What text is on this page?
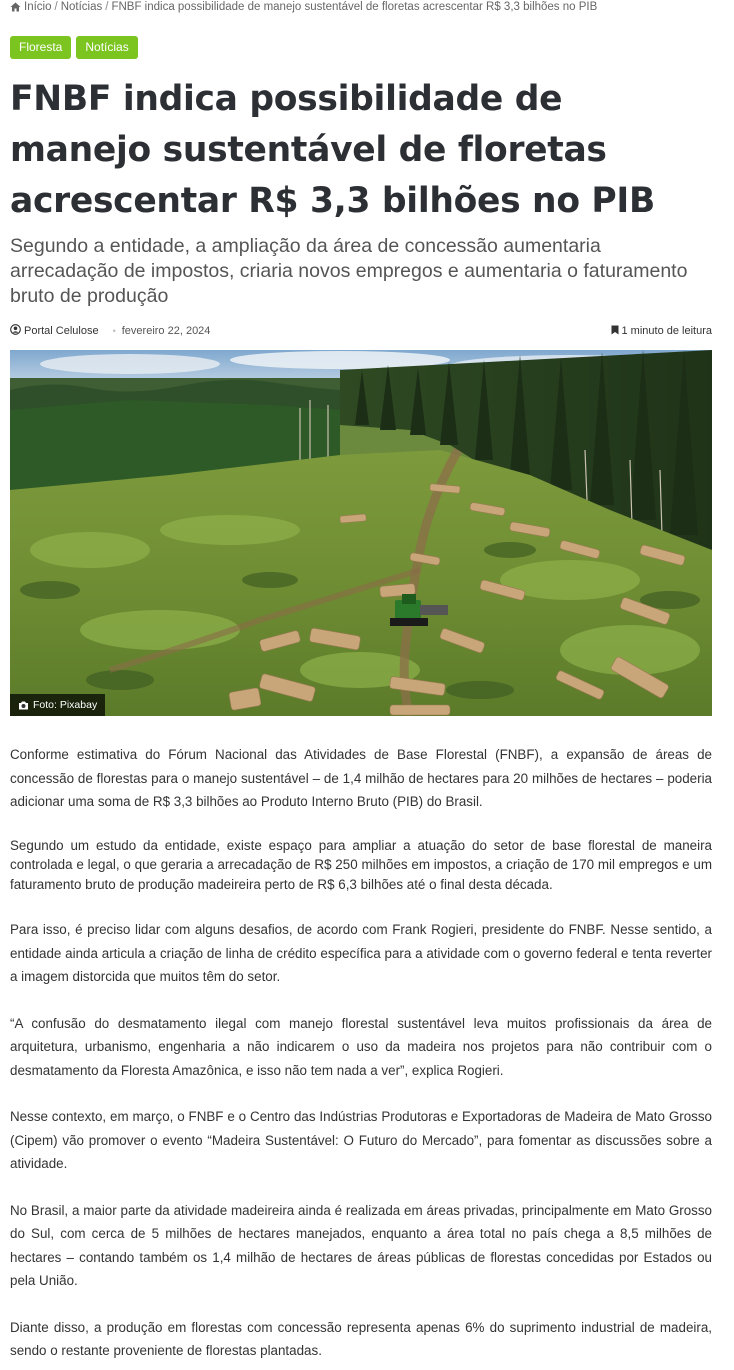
Início / Notícias / FNBF indica possibilidade de manejo sustentável de floretas acrescentar R$ 3,3 bilhões no PIB
Floresta	Notícias
FNBF indica possibilidade de manejo sustentável de floretas acrescentar R$ 3,3 bilhões no PIB
Segundo a entidade, a ampliação da área de concessão aumentaria arrecadação de impostos, criaria novos empregos e aumentaria o faturamento bruto de produção
Portal Celulose • fevereiro 22, 2024	1 minuto de leitura
Foto: Pixabay

Conforme estimativa do Fórum Nacional das Atividades de Base Florestal (FNBF), a expansão de áreas de concessão de florestas para o manejo sustentável – de 1,4 milhão de hectares para 20 milhões de hectares – poderia adicionar uma soma de R$ 3,3 bilhões ao Produto Interno Bruto (PIB) do Brasil.

Segundo um estudo da entidade, existe espaço para ampliar a atuação do setor de base florestal de maneira controlada e legal, o que geraria a arrecadação de R$ 250 milhões em impostos, a criação de 170 mil empregos e um faturamento bruto de produção madeireira perto de R$ 6,3 bilhões até o final desta década.

Para isso, é preciso lidar com alguns desafios, de acordo com Frank Rogieri, presidente do FNBF. Nesse sentido, a entidade ainda articula a criação de linha de crédito específica para a atividade com o governo federal e tenta reverter a imagem distorcida que muitos têm do setor.

“A confusão do desmatamento ilegal com manejo florestal sustentável leva muitos profissionais da área de arquitetura, urbanismo, engenharia a não indicarem o uso da madeira nos projetos para não contribuir com o desmatamento da Floresta Amazônica, e isso não tem nada a ver”, explica Rogieri.

Nesse contexto, em março, o FNBF e o Centro das Indústrias Produtoras e Exportadoras de Madeira de Mato Grosso (Cipem) vão promover o evento “Madeira Sustentável: O Futuro do Mercado”, para fomentar as discussões sobre a atividade.

No Brasil, a maior parte da atividade madeireira ainda é realizada em áreas privadas, principalmente em Mato Grosso do Sul, com cerca de 5 milhões de hectares manejados, enquanto a área total no país chega a 8,5 milhões de hectares – contando também os 1,4 milhão de hectares de áreas públicas de florestas concedidas por Estados ou pela União.

Diante disso, a produção em florestas com concessão representa apenas 6% do suprimento industrial de madeira, sendo o restante proveniente de florestas plantadas.
